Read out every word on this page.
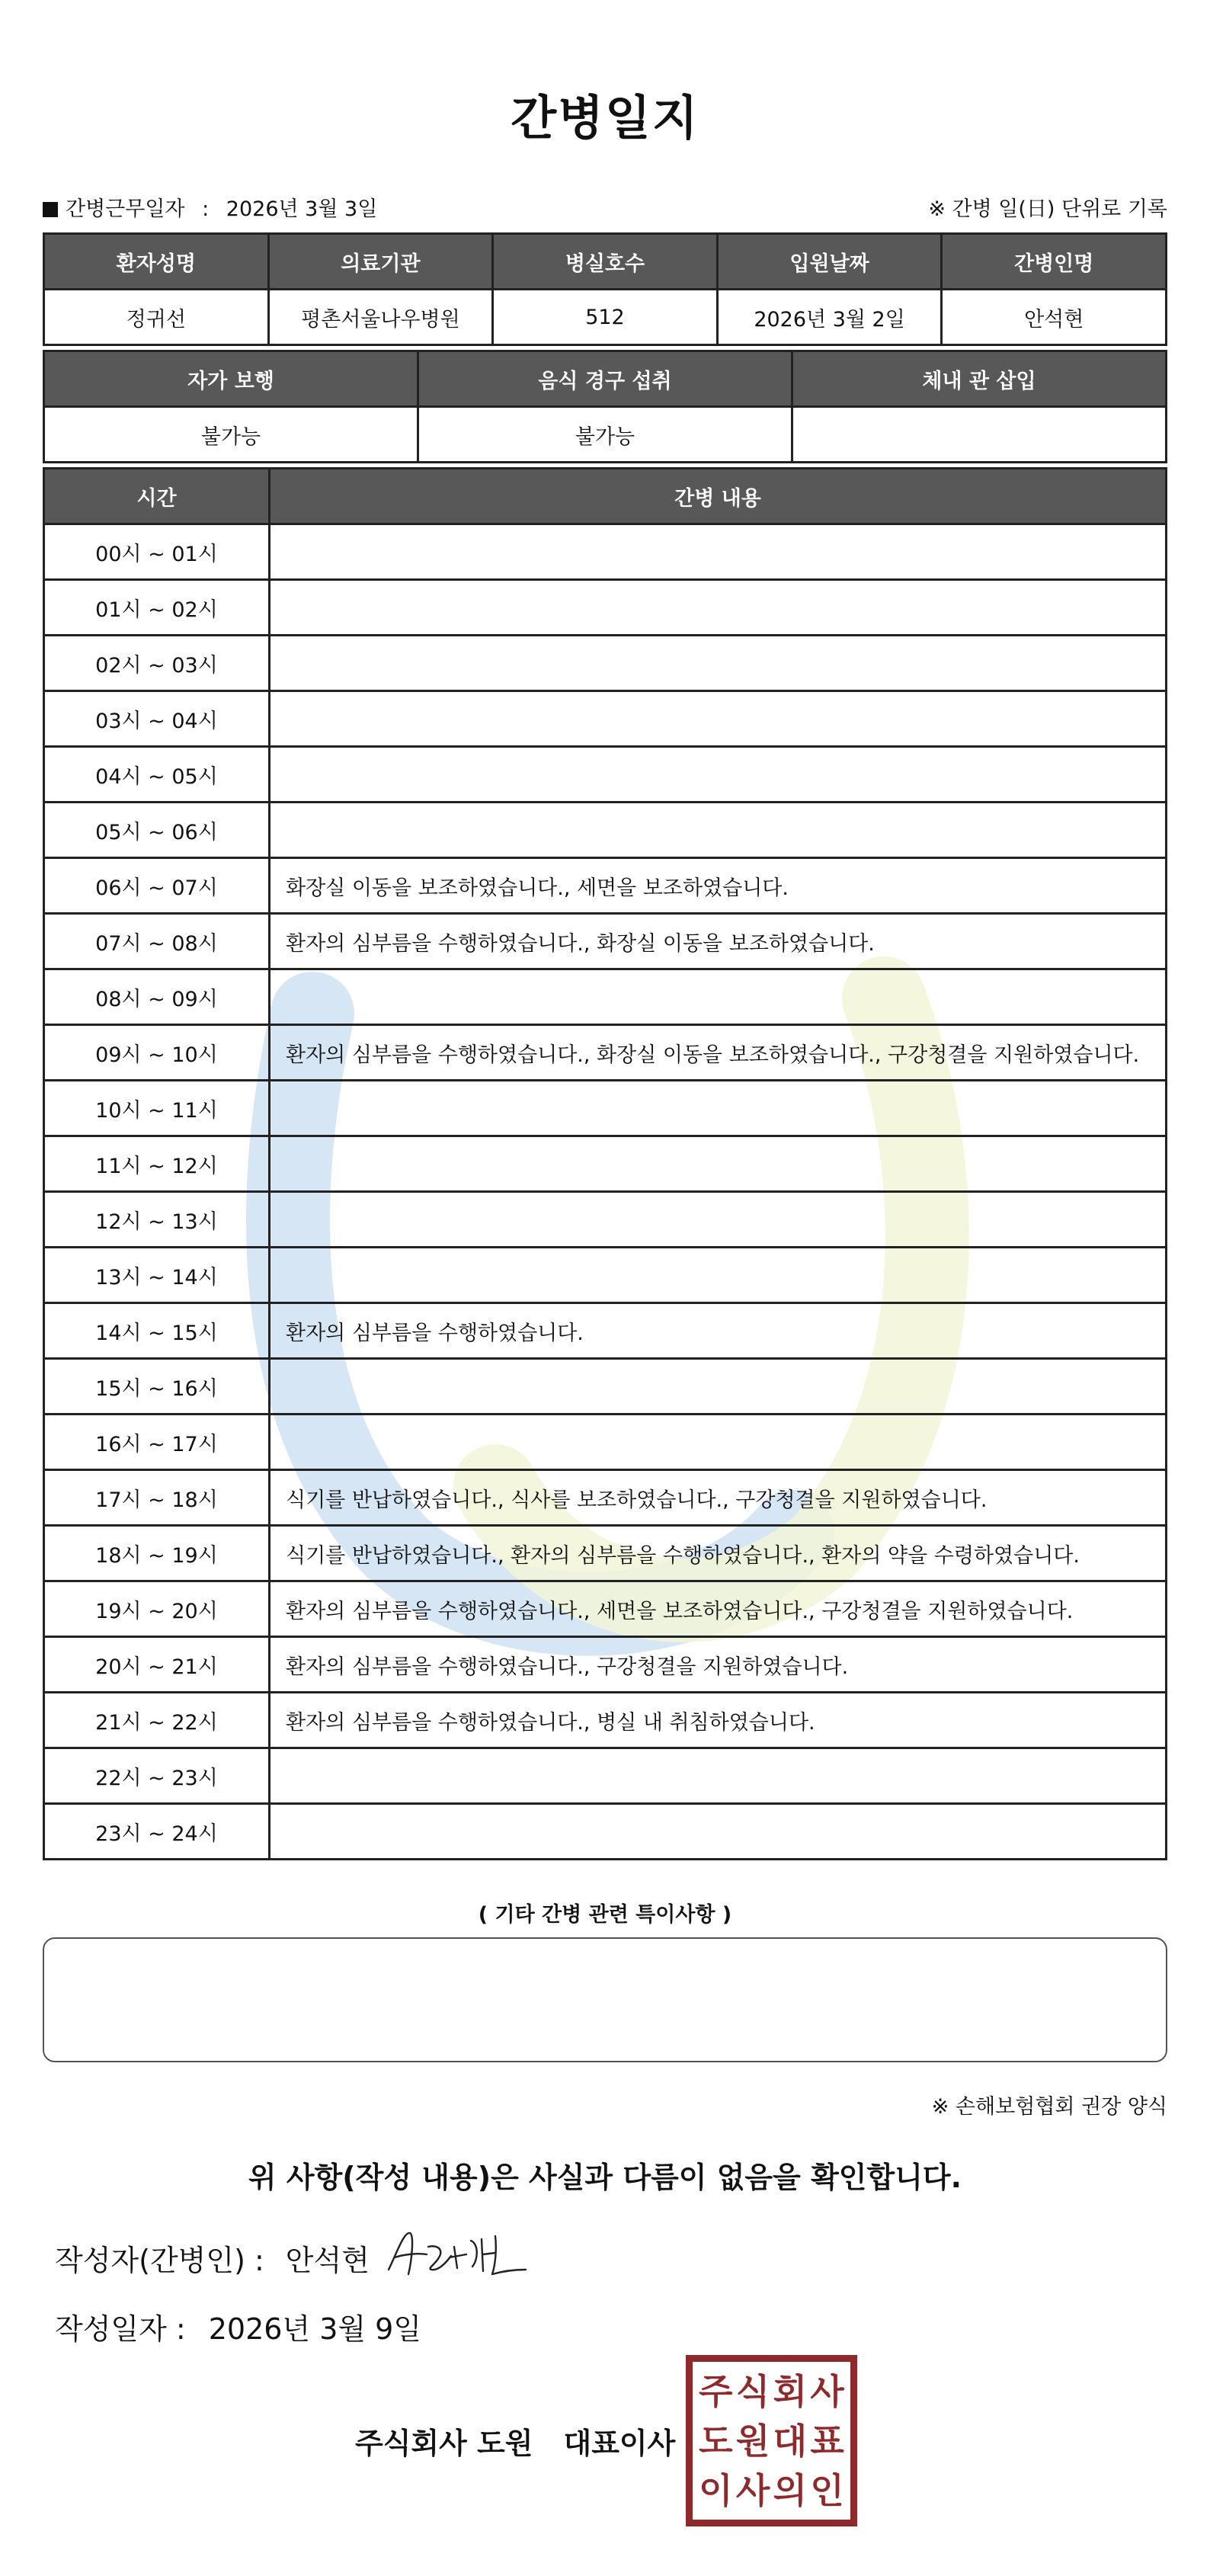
간병일지
간병근무일자 : 2026년 3월 3일	※ 간병 일(日) 단위로 기록
환자성명	의료기관	병실호수	입원날짜	간병인명
정귀선	평촌서울나우병원	512	2026년 3월 2일	안석현
자가 보행	음식 경구 섭취	체내 관 삽입
불가능	불가능	
시간	간병 내용
00시 ~ 01시	
01시 ~ 02시	
02시 ~ 03시	
03시 ~ 04시	
04시 ~ 05시	
05시 ~ 06시	
06시 ~ 07시	화장실 이동을 보조하였습니다., 세면을 보조하였습니다.
07시 ~ 08시	환자의 심부름을 수행하였습니다., 화장실 이동을 보조하였습니다.
08시 ~ 09시	
09시 ~ 10시	환자의 심부름을 수행하였습니다., 화장실 이동을 보조하였습니다., 구강청결을 지원하였습니다.
10시 ~ 11시	
11시 ~ 12시	
12시 ~ 13시	
13시 ~ 14시	
14시 ~ 15시	환자의 심부름을 수행하였습니다.
15시 ~ 16시	
16시 ~ 17시	
17시 ~ 18시	식기를 반납하였습니다., 식사를 보조하였습니다., 구강청결을 지원하였습니다.
18시 ~ 19시	식기를 반납하였습니다., 환자의 심부름을 수행하였습니다., 환자의 약을 수령하였습니다.
19시 ~ 20시	환자의 심부름을 수행하였습니다., 세면을 보조하였습니다., 구강청결을 지원하였습니다.
20시 ~ 21시	환자의 심부름을 수행하였습니다., 구강청결을 지원하였습니다.
21시 ~ 22시	환자의 심부름을 수행하였습니다., 병실 내 취침하였습니다.
22시 ~ 23시	
23시 ~ 24시	
( 기타 간병 관련 특이사항 )
※ 손해보험협회 권장 양식
위 사항(작성 내용)은 사실과 다름이 없음을 확인합니다.
작성자(간병인) : 안석현
작성일자 : 2026년 3월 9일
주식회사 도원 대표이사
주 식 회 사
도 원 대 표
이 사 의 인
